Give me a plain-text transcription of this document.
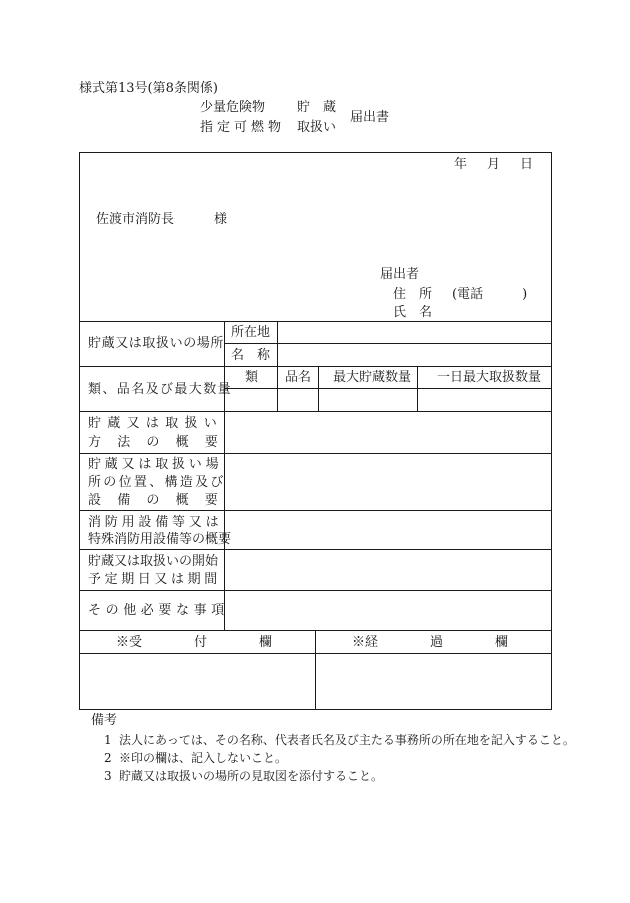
様式第13号(第8条関係)
少量危険物 貯　蔵
指定可燃物 取扱い
届出書
年 月 日
佐渡市消防長	様
届出者
住　所 (電話　　　)
氏　名
貯蔵又は取扱いの場所
所在地
名　称
類、品名及び最大数量
類 品名 最大貯蔵数量 一日最大取扱数量
貯蔵又は取扱い
方法の概要
貯蔵又は取扱い場
所の位置、構造及び
設備の概要
消防用設備等又は
特殊消防用設備等の概要
貯蔵又は取扱いの開始
予定期日又は期間
その他必要な事項
※受　　　　付　　　　欄	※経　　　　過　　　　欄
備考
1 法人にあっては、その名称、代表者氏名及び主たる事務所の所在地を記入すること。
2 ※印の欄は、記入しないこと。
3 貯蔵又は取扱いの場所の見取図を添付すること。
